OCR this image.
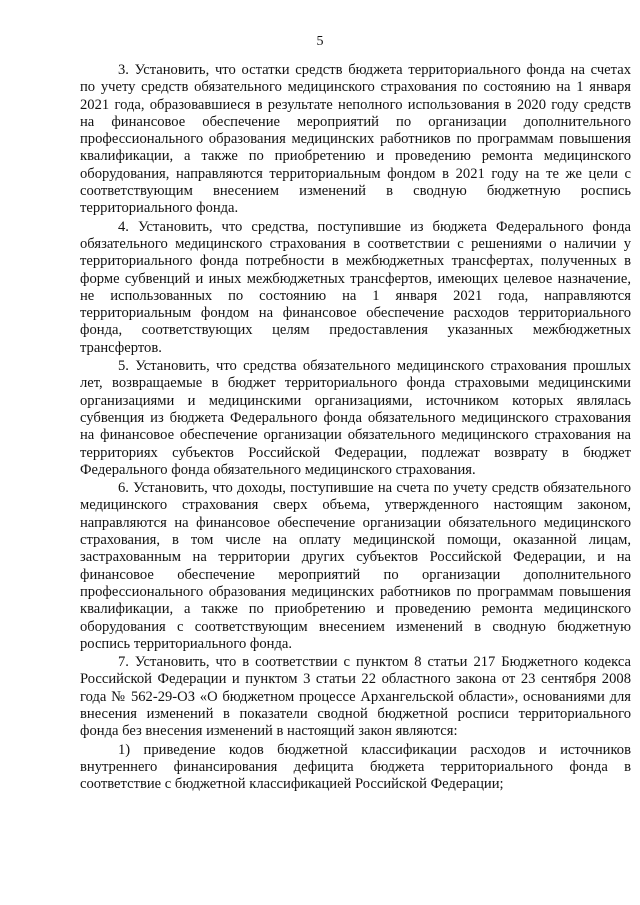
5

3. Установить, что остатки средств бюджета территориального фонда на счетах по учету средств обязательного медицинского страхования по состоянию на 1 января 2021 года, образовавшиеся в результате неполного использования в 2020 году средств на финансовое обеспечение мероприятий по организации дополнительного профессионального образования медицинских работников по программам повышения квалификации, а также по приобретению и проведению ремонта медицинского оборудования, направляются территориальным фондом в 2021 году на те же цели с соответствующим внесением изменений в сводную бюджетную роспись территориального фонда.

4. Установить, что средства, поступившие из бюджета Федерального фонда обязательного медицинского страхования в соответствии с решениями о наличии у территориального фонда потребности в межбюджетных трансфертах, полученных в форме субвенций и иных межбюджетных трансфертов, имеющих целевое назначение, не использованных по состоянию на 1 января 2021 года, направляются территориальным фондом на финансовое обеспечение расходов территориального фонда, соответствующих целям предоставления указанных межбюджетных трансфертов.

5. Установить, что средства обязательного медицинского страхования прошлых лет, возвращаемые в бюджет территориального фонда страховыми медицинскими организациями и медицинскими организациями, источником которых являлась субвенция из бюджета Федерального фонда обязательного медицинского страхования на финансовое обеспечение организации обязательного медицинского страхования на территориях субъектов Российской Федерации, подлежат возврату в бюджет Федерального фонда обязательного медицинского страхования.

6. Установить, что доходы, поступившие на счета по учету средств обязательного медицинского страхования сверх объема, утвержденного настоящим законом, направляются на финансовое обеспечение организации обязательного медицинского страхования, в том числе на оплату медицинской помощи, оказанной лицам, застрахованным на территории других субъектов Российской Федерации, и на финансовое обеспечение мероприятий по организации дополнительного профессионального образования медицинских работников по программам повышения квалификации, а также по приобретению и проведению ремонта медицинского оборудования с соответствующим внесением изменений в сводную бюджетную роспись территориального фонда.

7. Установить, что в соответствии с пунктом 8 статьи 217 Бюджетного кодекса Российской Федерации и пунктом 3 статьи 22 областного закона от 23 сентября 2008 года № 562-29-ОЗ «О бюджетном процессе Архангельской области», основаниями для внесения изменений в показатели сводной бюджетной росписи территориального фонда без внесения изменений в настоящий закон являются:

1) приведение кодов бюджетной классификации расходов и источников внутреннего финансирования дефицита бюджета территориального фонда в соответствие с бюджетной классификацией Российской Федерации;
